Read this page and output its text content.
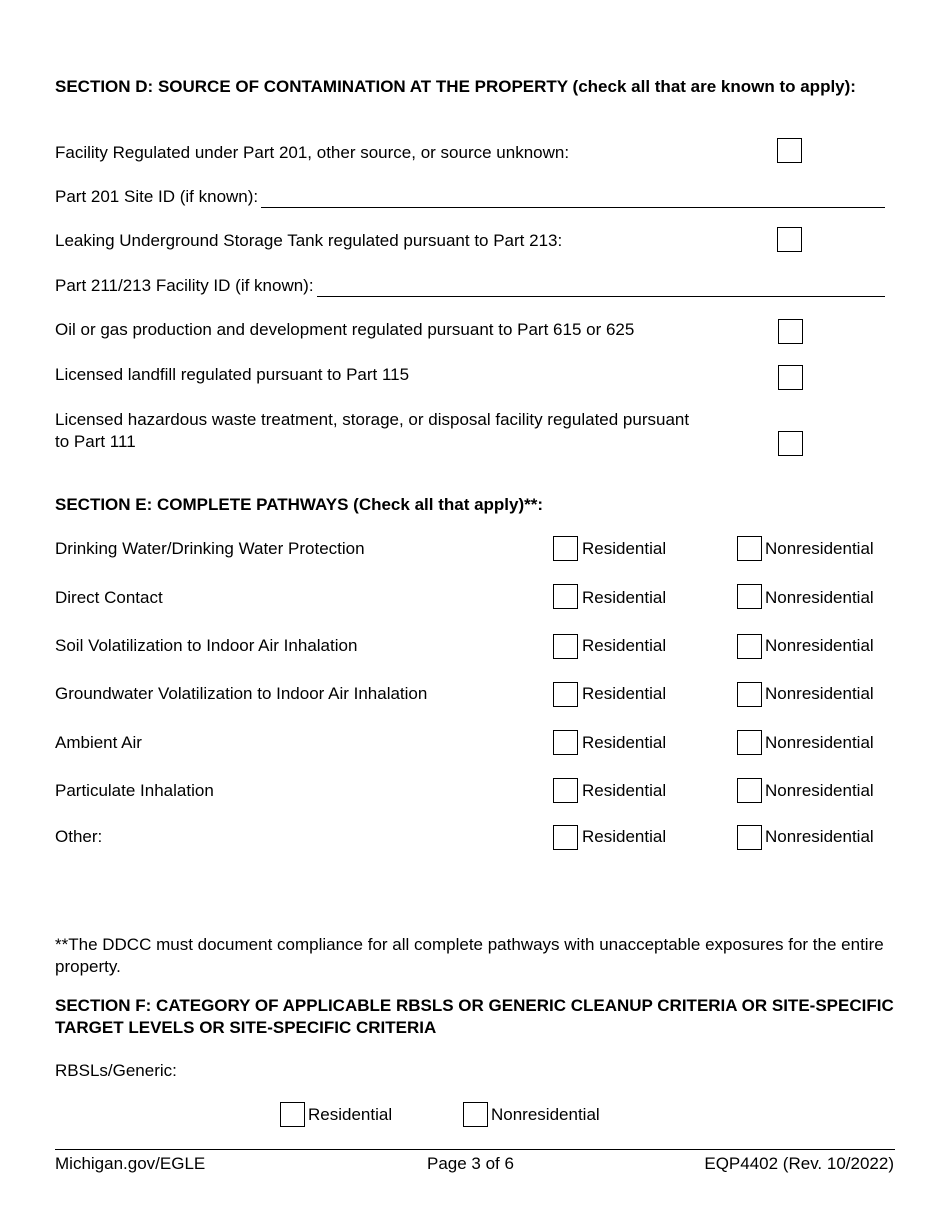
SECTION D: SOURCE OF CONTAMINATION AT THE PROPERTY (check all that are known to apply):
Facility Regulated under Part 201, other source, or source unknown:
Part 201 Site ID (if known):
Leaking Underground Storage Tank regulated pursuant to Part 213:
Part 211/213 Facility ID (if known):
Oil or gas production and development regulated pursuant to Part 615 or 625
Licensed landfill regulated pursuant to Part 115
Licensed hazardous waste treatment, storage, or disposal facility regulated pursuant to Part 111
SECTION E: COMPLETE PATHWAYS (Check all that apply)**:
Drinking Water/Drinking Water Protection	Residential	Nonresidential
Direct Contact	Residential	Nonresidential
Soil Volatilization to Indoor Air Inhalation	Residential	Nonresidential
Groundwater Volatilization to Indoor Air Inhalation	Residential	Nonresidential
Ambient Air	Residential	Nonresidential
Particulate Inhalation	Residential	Nonresidential
Other:	Residential	Nonresidential
**The DDCC must document compliance for all complete pathways with unacceptable exposures for the entire property.
SECTION F: CATEGORY OF APPLICABLE RBSLS OR GENERIC CLEANUP CRITERIA OR SITE-SPECIFIC TARGET LEVELS OR SITE-SPECIFIC CRITERIA
RBSLs/Generic:
Residential	Nonresidential
Michigan.gov/EGLE	Page 3 of 6	EQP4402 (Rev. 10/2022)
